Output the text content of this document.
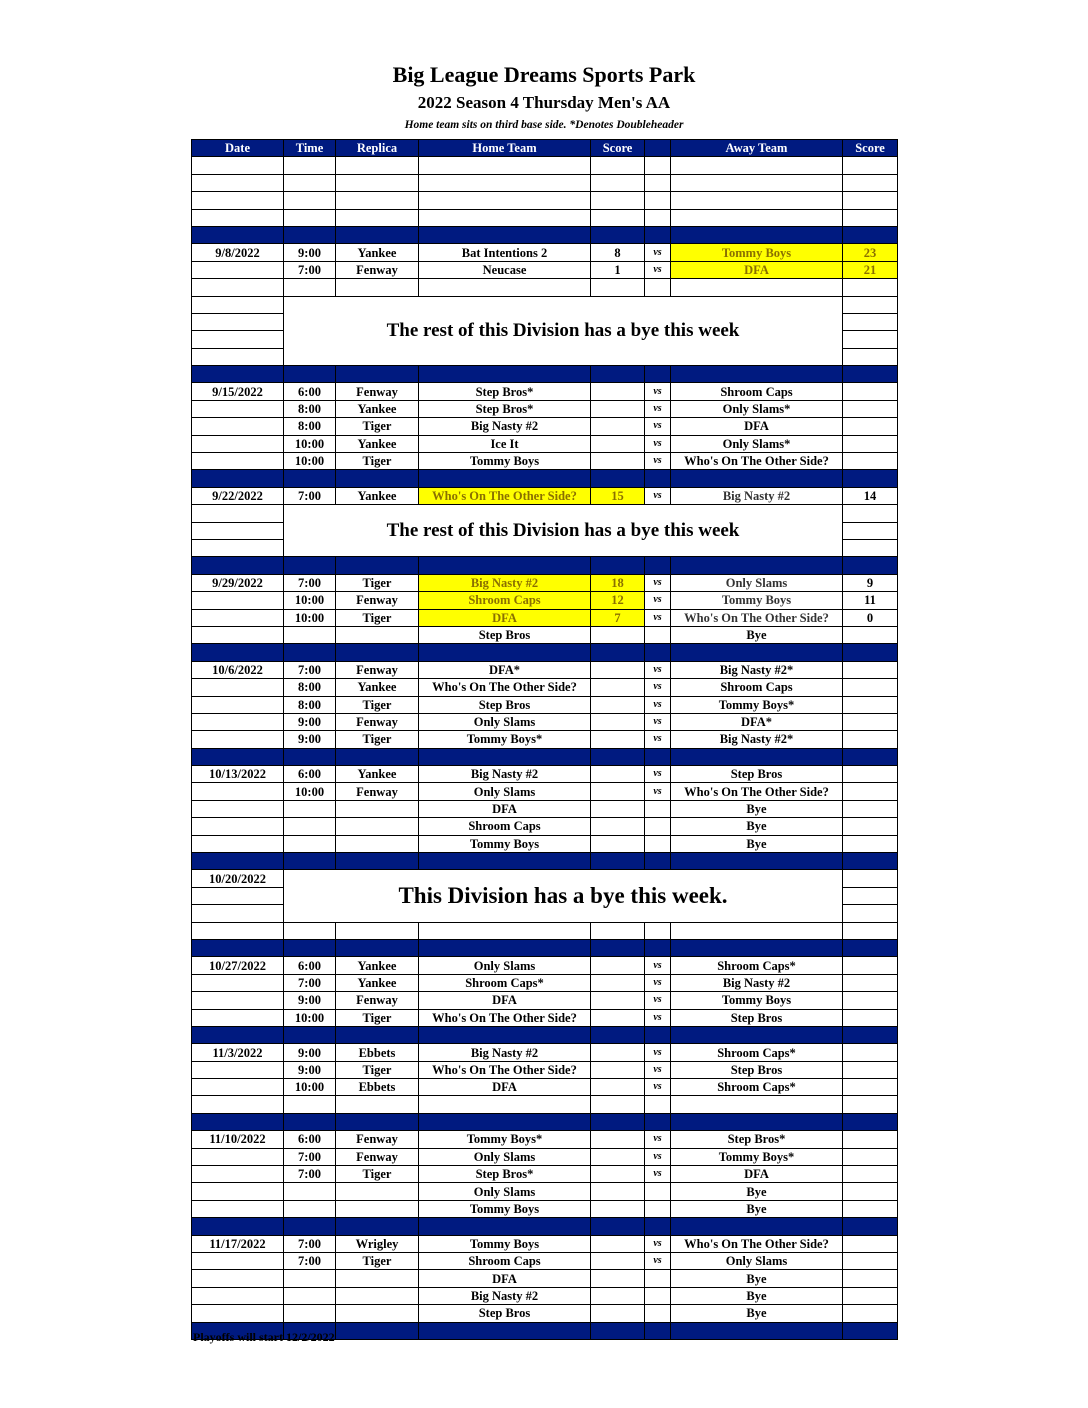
Big League Dreams Sports Park
2022 Season 4 Thursday Men's AA
Home team sits on third base side. *Denotes Doubleheader
Date	Time	Replica	Home Team	Score		Away Team	Score

9/8/2022	9:00	Yankee	Bat Intentions 2	8	vs	Tommy Boys	23
	7:00	Fenway	Neucase	1	vs	DFA	21

	The rest of this Division has a bye this week						

9/15/2022	6:00	Fenway	Step Bros*		vs	Shroom Caps	
	8:00	Yankee	Step Bros*		vs	Only Slams*	
	8:00	Tiger	Big Nasty #2		vs	DFA	
	10:00	Yankee	Ice It		vs	Only Slams*	
	10:00	Tiger	Tommy Boys		vs	Who's On The Other Side?	

9/22/2022	7:00	Yankee	Who's On The Other Side?	15	vs	Big Nasty #2	14
	The rest of this Division has a bye this week						

9/29/2022	7:00	Tiger	Big Nasty #2	18	vs	Only Slams	9
	10:00	Fenway	Shroom Caps	12	vs	Tommy Boys	11
	10:00	Tiger	DFA	7	vs	Who's On The Other Side?	0
			Step Bros			Bye	

10/6/2022	7:00	Fenway	DFA*		vs	Big Nasty #2*	
	8:00	Yankee	Who's On The Other Side?		vs	Shroom Caps	
	8:00	Tiger	Step Bros		vs	Tommy Boys*	
	9:00	Fenway	Only Slams		vs	DFA*	
	9:00	Tiger	Tommy Boys*		vs	Big Nasty #2*	

10/13/2022	6:00	Yankee	Big Nasty #2		vs	Step Bros	
	10:00	Fenway	Only Slams		vs	Who's On The Other Side?	
			DFA			Bye	
			Shroom Caps			Bye	
			Tommy Boys			Bye	

10/20/2022	This Division has a bye this week.						

10/27/2022	6:00	Yankee	Only Slams		vs	Shroom Caps*	
	7:00	Yankee	Shroom Caps*		vs	Big Nasty #2	
	9:00	Fenway	DFA		vs	Tommy Boys	
	10:00	Tiger	Who's On The Other Side?		vs	Step Bros	

11/3/2022	9:00	Ebbets	Big Nasty #2		vs	Shroom Caps*	
	9:00	Tiger	Who's On The Other Side?		vs	Step Bros	
	10:00	Ebbets	DFA		vs	Shroom Caps*	

11/10/2022	6:00	Fenway	Tommy Boys*		vs	Step Bros*	
	7:00	Fenway	Only Slams		vs	Tommy Boys*	
	7:00	Tiger	Step Bros*		vs	DFA	
			Only Slams			Bye	
			Tommy Boys			Bye	

11/17/2022	7:00	Wrigley	Tommy Boys		vs	Who's On The Other Side?	
	7:00	Tiger	Shroom Caps		vs	Only Slams	
			DFA			Bye	
			Big Nasty #2			Bye	
			Step Bros			Bye	

Playoffs will start 12/2/2022
